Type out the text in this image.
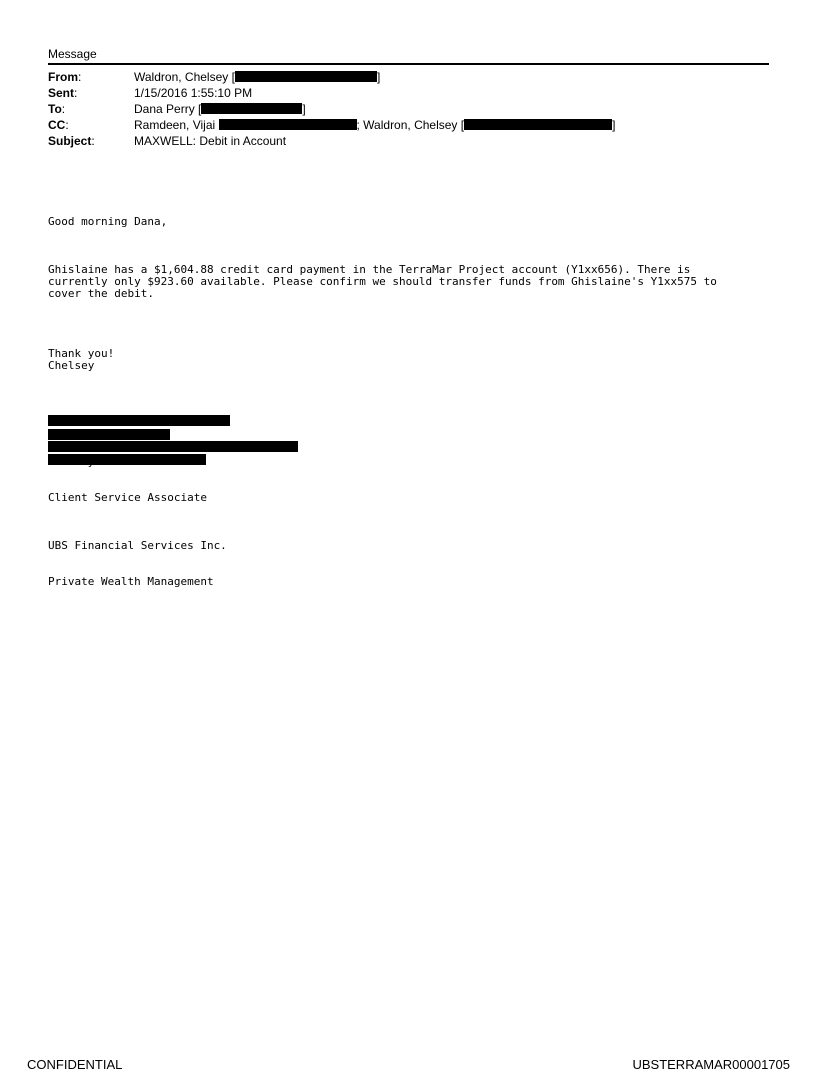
Message
From:	Waldron, Chelsey [	]
Sent:	1/15/2016 1:55:10 PM
To:	Dana Perry [	]
CC:	Ramdeen, Vijai	; Waldron, Chelsey [	]
Subject:	MAXWELL: Debit in Account

Good morning Dana,

Ghislaine has a $1,604.88 credit card payment in the TerraMar Project account (Y1xx656). There is
currently only $923.60 available. Please confirm we should transfer funds from Ghislaine's Y1xx575 to
cover the debit.

Thank you!
Chelsey

Client Service Associate

UBS Financial Services Inc.

Private Wealth Management

CONFIDENTIAL	UBSTERRAMAR00001705
